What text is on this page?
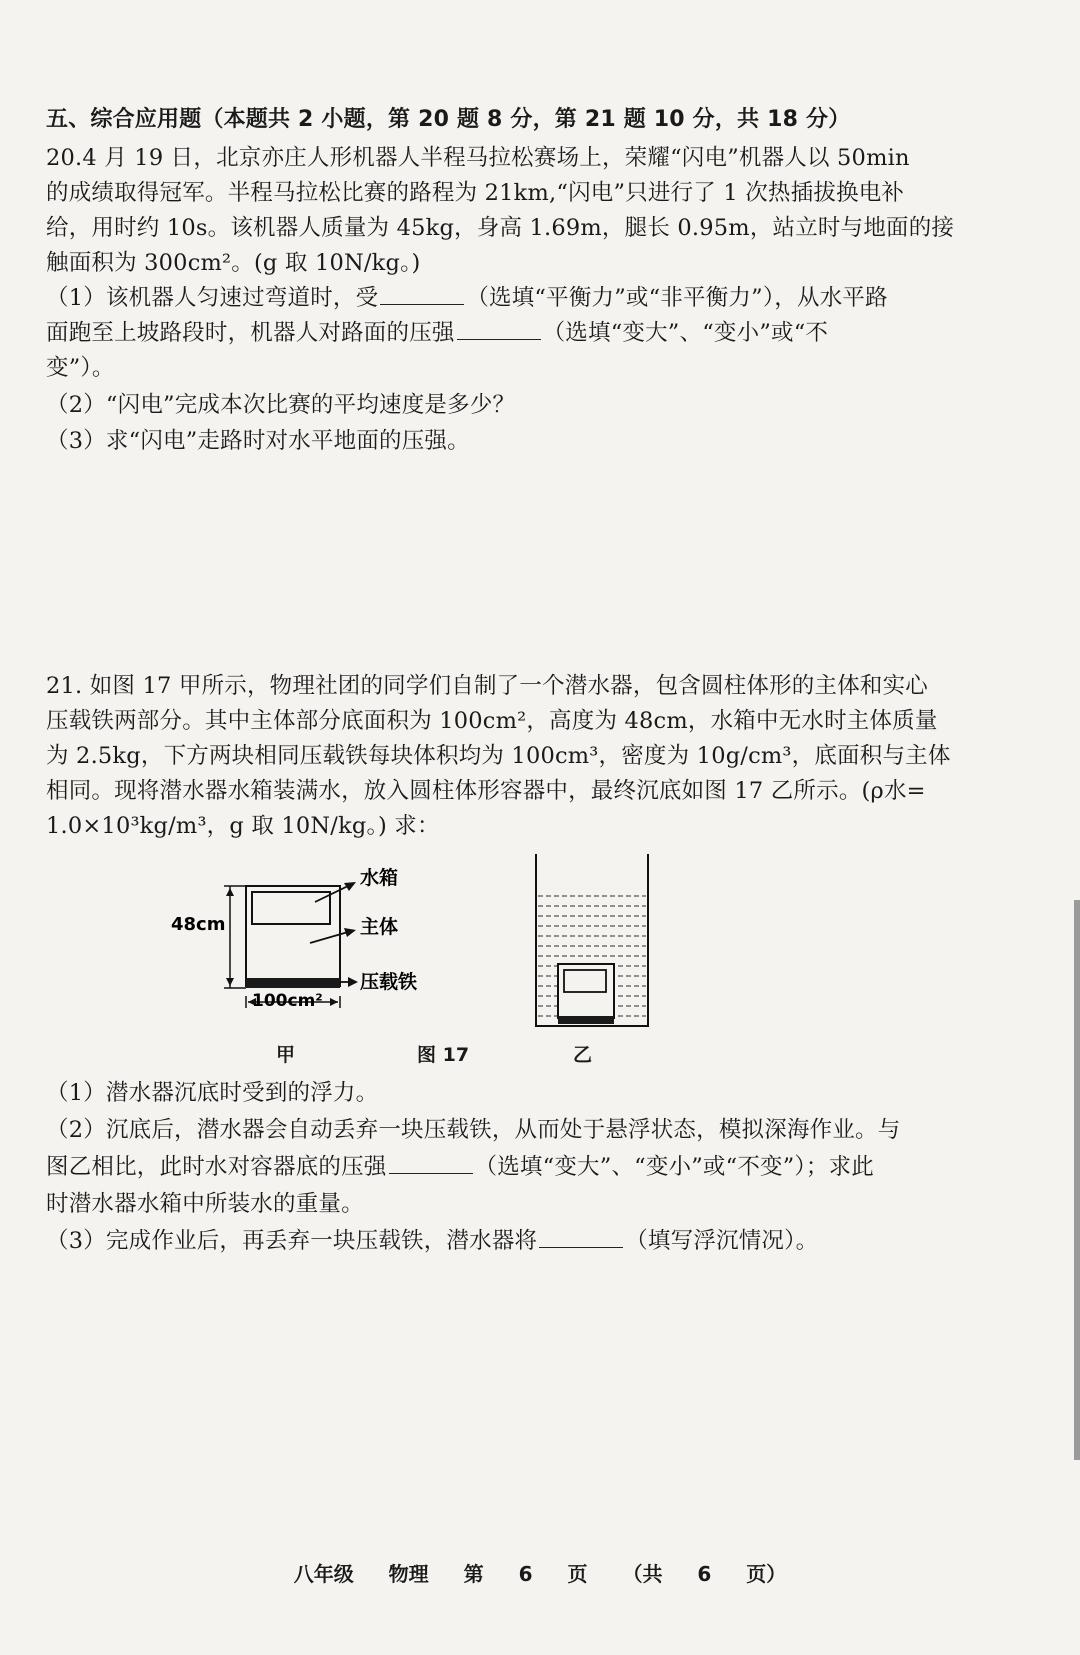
五、综合应用题（本题共 2 小题，第 20 题 8 分，第 21 题 10 分，共 18 分）
20.4 月 19 日，北京亦庄人形机器人半程马拉松赛场上，荣耀“闪电”机器人以 50min
的成绩取得冠军。半程马拉松比赛的路程为 21km,“闪电”只进行了 1 次热插拔换电补
给，用时约 10s。该机器人质量为 45kg，身高 1.69m，腿长 0.95m，站立时与地面的接
触面积为 300cm²。(g 取 10N/kg。)
（1）该机器人匀速过弯道时，受	（选填“平衡力”或“非平衡力”），从水平路
面跑至上坡路段时，机器人对路面的压强	（选填“变大”、“变小”或“不
变”）。
（2）“闪电”完成本次比赛的平均速度是多少？
（3）求“闪电”走路时对水平地面的压强。
21. 如图 17 甲所示，物理社团的同学们自制了一个潜水器，包含圆柱体形的主体和实心
压载铁两部分。其中主体部分底面积为 100cm²，高度为 48cm，水箱中无水时主体质量
为 2.5kg，下方两块相同压载铁每块体积均为 100cm³，密度为 10g/cm³，底面积与主体
相同。现将潜水器水箱装满水，放入圆柱体形容器中，最终沉底如图 17 乙所示。(ρ水=
1.0×10³kg/m³，g 取 10N/kg。) 求：
水箱
主体
压载铁
48cm
100cm²
甲	图 17	乙
（1）潜水器沉底时受到的浮力。
（2）沉底后，潜水器会自动丢弃一块压载铁，从而处于悬浮状态，模拟深海作业。与
图乙相比，此时水对容器底的压强	（选填“变大”、“变小”或“不变”）；求此
时潜水器水箱中所装水的重量。
（3）完成作业后，再丢弃一块压载铁，潜水器将	（填写浮沉情况）。
八年级 物理 第 6 页 （共 6 页）
